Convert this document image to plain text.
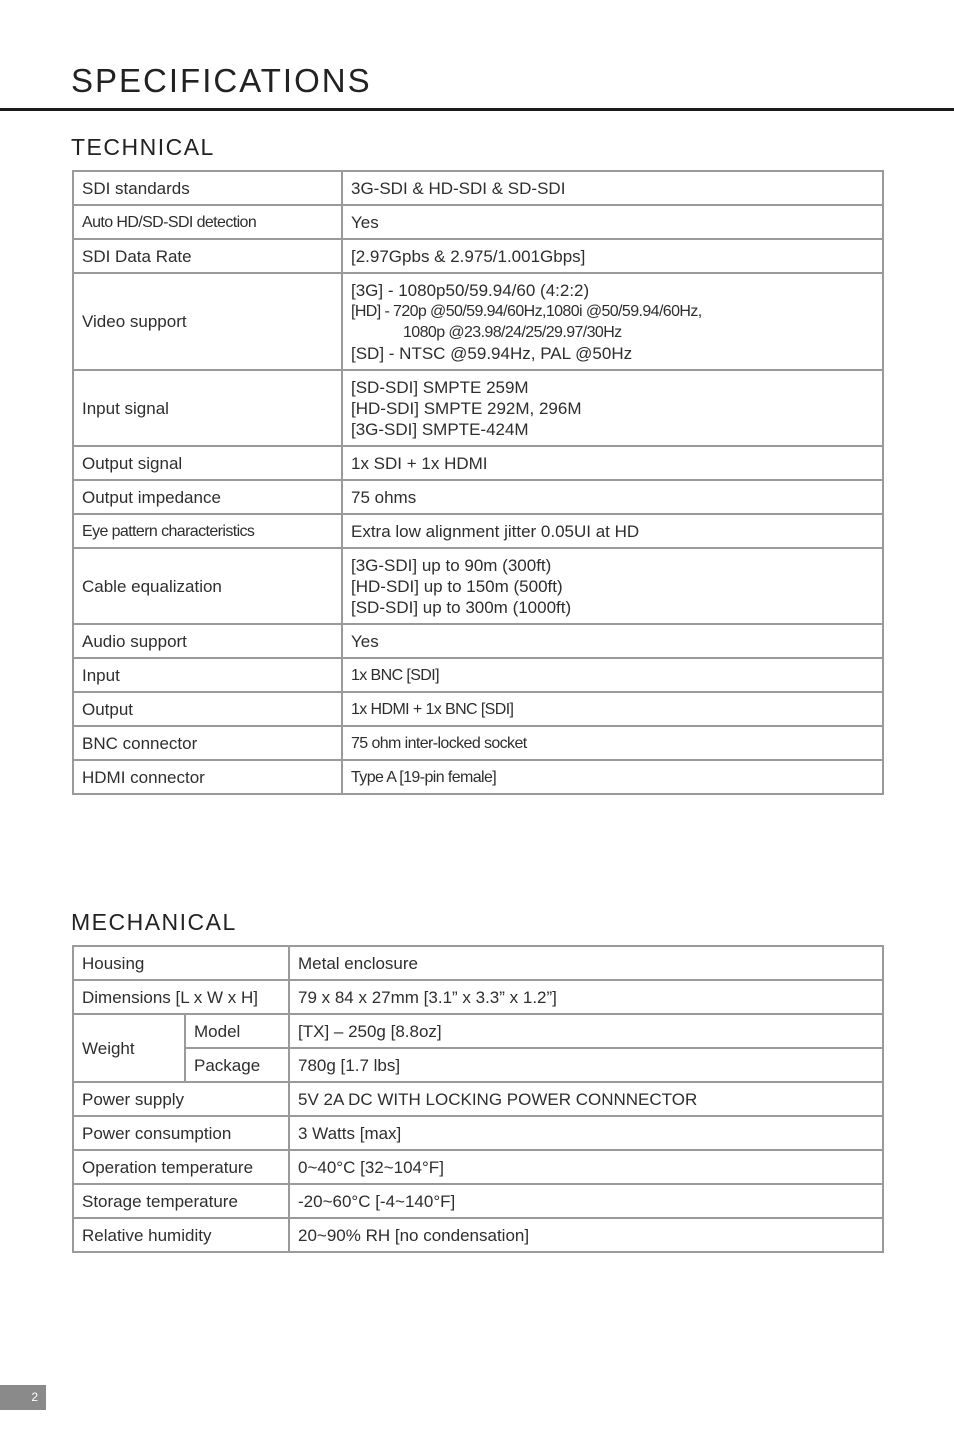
SPECIFICATIONS
TECHNICAL
SDI standards	3G-SDI & HD-SDI & SD-SDI
Auto HD/SD-SDI detection	Yes
SDI Data Rate	[2.97Gpbs & 2.975/1.001Gbps]
Video support	[3G] - 1080p50/59.94/60 (4:2:2)
[HD] - 720p @50/59.94/60Hz,1080i @50/59.94/60Hz,
1080p @23.98/24/25/29.97/30Hz
[SD] - NTSC @59.94Hz, PAL @50Hz

Input signal	[SD-SDI] SMPTE 259M
[HD-SDI] SMPTE 292M, 296M
[3G-SDI] SMPTE-424M

Output signal	1x SDI + 1x HDMI
Output impedance	75 ohms
Eye pattern characteristics	Extra low alignment jitter 0.05UI at HD
Cable equalization	[3G-SDI] up to 90m (300ft)
[HD-SDI] up to 150m (500ft)
[SD-SDI] up to 300m (1000ft)

Audio support	Yes
Input	1x BNC [SDI]
Output	1x HDMI + 1x BNC [SDI]
BNC connector	75 ohm inter-locked socket
HDMI connector	Type A [19-pin female]
MECHANICAL
Housing		Metal enclosure
Dimensions [L x W x H]		79 x 84 x 27mm [3.1” x 3.3” x 1.2”]
Weight	Model	[TX] – 250g [8.8oz]
	Package	780g [1.7 lbs]
Power supply		5V 2A DC WITH LOCKING POWER CONNNECTOR
Power consumption		3 Watts [max]
Operation temperature		0~40°C [32~104°F]
Storage temperature		-20~60°C [-4~140°F]
Relative humidity		20~90% RH [no condensation]
2
